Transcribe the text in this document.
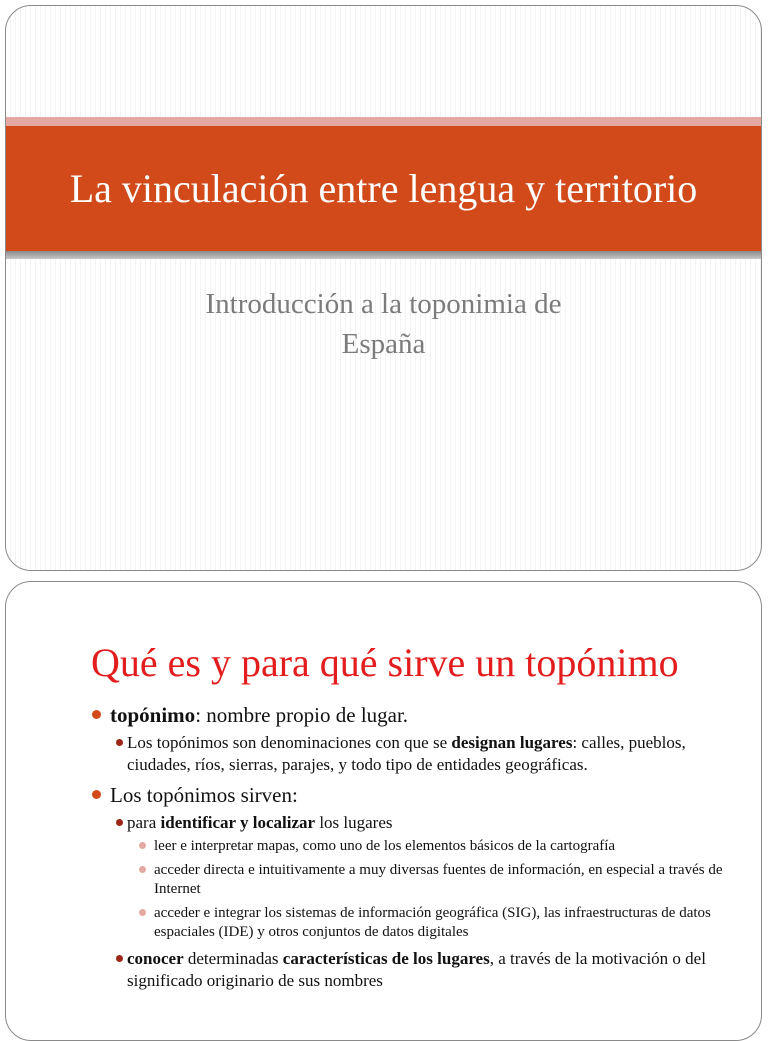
La vinculación entre lengua y territorio
Introducción a la toponimia de
España
Qué es y para qué sirve un topónimo
topónimo: nombre propio de lugar.
Los topónimos son denominaciones con que se designan lugares: calles, pueblos, ciudades, ríos, sierras, parajes, y todo tipo de entidades geográficas.
Los topónimos sirven:
para identificar y localizar los lugares
leer e interpretar mapas, como uno de los elementos básicos de la cartografía
acceder directa e intuitivamente a muy diversas fuentes de información, en especial a través de Internet
acceder e integrar los sistemas de información geográfica (SIG), las infraestructuras de datos espaciales (IDE) y otros conjuntos de datos digitales
conocer determinadas características de los lugares, a través de la motivación o del significado originario de sus nombres
